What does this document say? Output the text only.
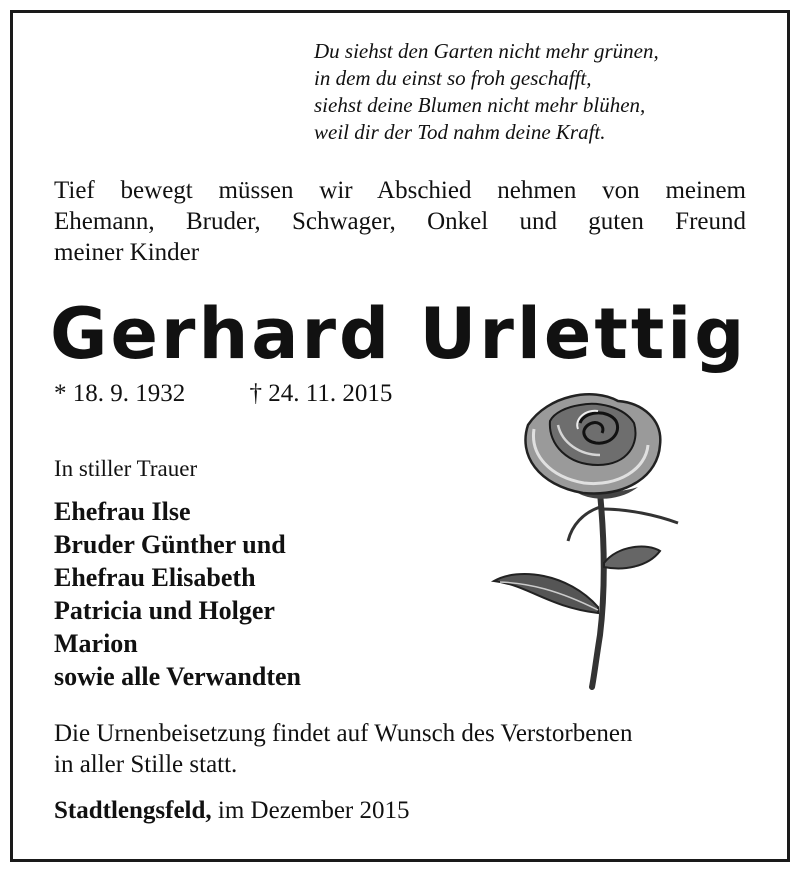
Du siehst den Garten nicht mehr grünen,
in dem du einst so froh geschafft,
siehst deine Blumen nicht mehr blühen,
weil dir der Tod nahm deine Kraft.
Tief bewegt müssen wir Abschied nehmen von meinem
Ehemann, Bruder, Schwager, Onkel und guten Freund
meiner Kinder
Gerhard Urlettig
* 18. 9. 1932	† 24. 11. 2015
In stiller Trauer
Ehefrau Ilse
Bruder Günther und
Ehefrau Elisabeth
Patricia und Holger
Marion
sowie alle Verwandten
Die Urnenbeisetzung findet auf Wunsch des Verstorbenen
in aller Stille statt.
Stadtlengsfeld, im Dezember 2015
